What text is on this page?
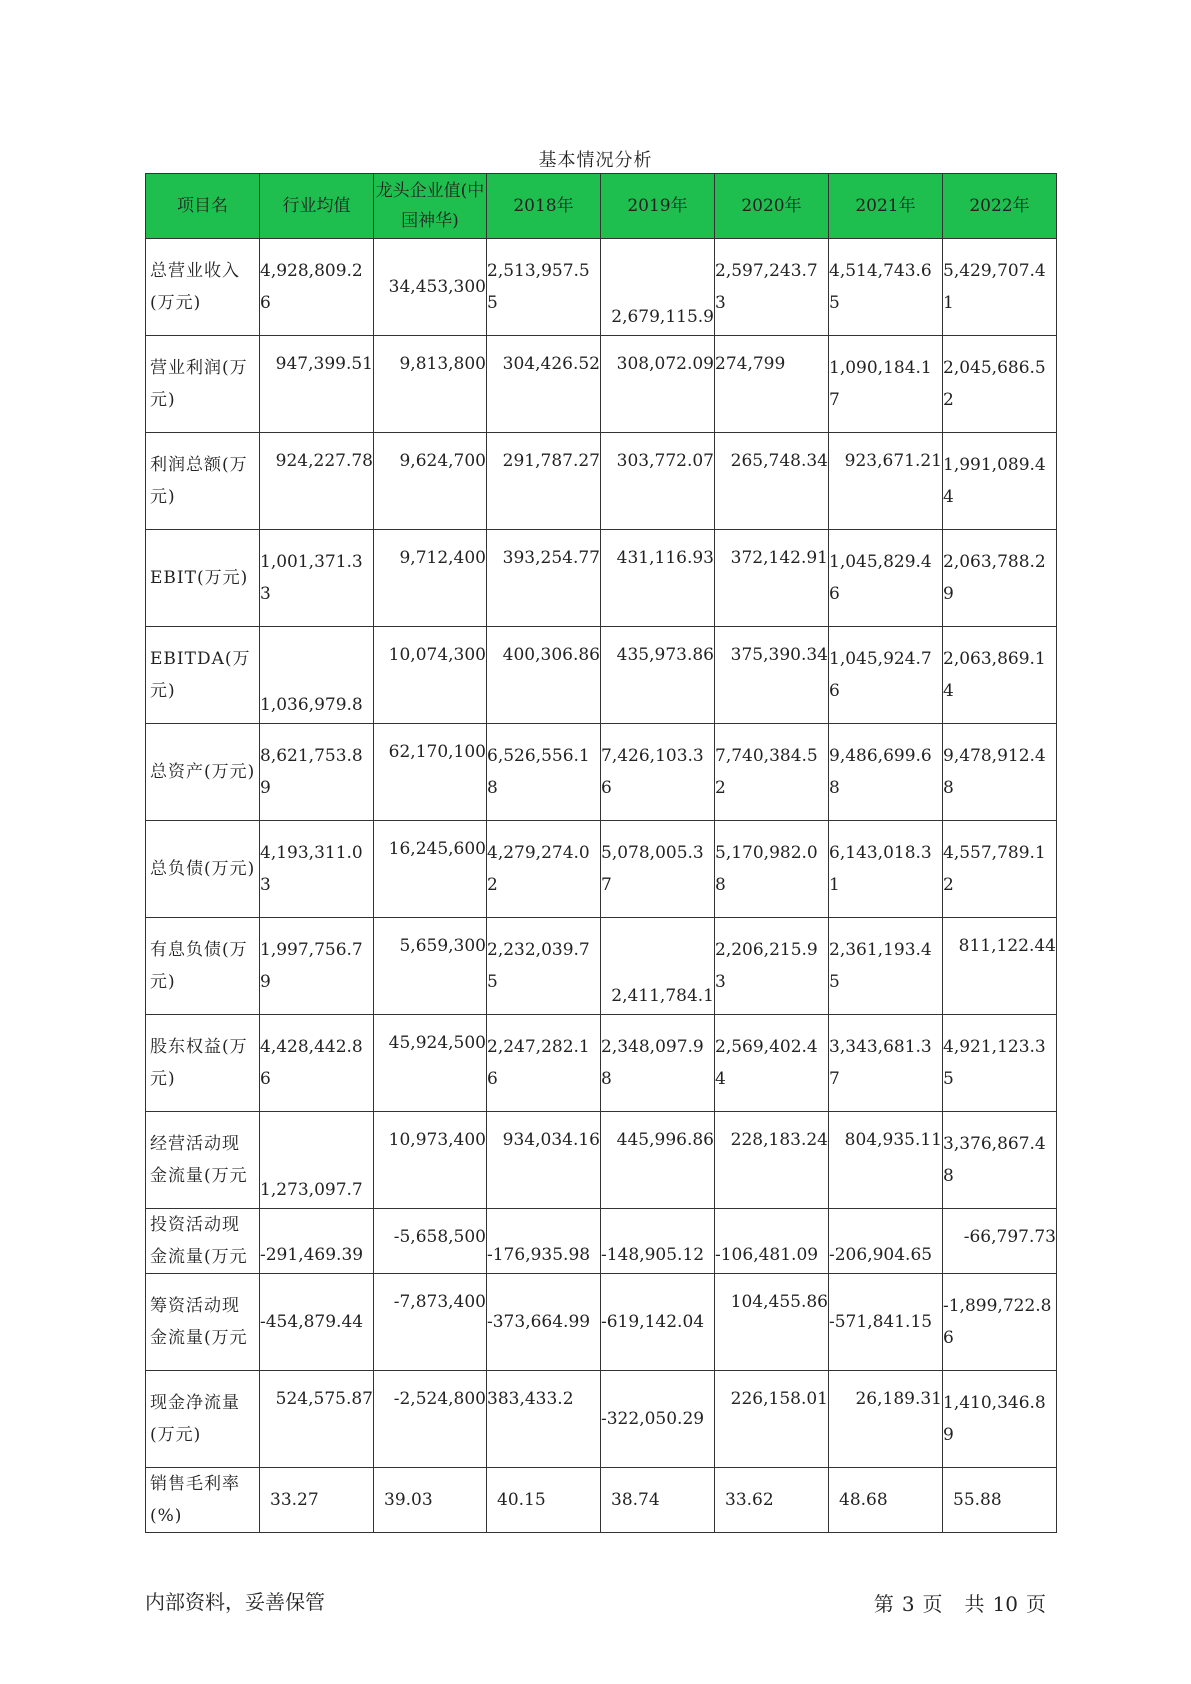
基本情况分析
项目名	行业均值	龙头企业值(中国神华)	2018年	2019年	2020年	2021年	2022年
总营业收入(万元)	4,928,809.26	34,453,300	2,513,957.55	2,679,115.9	2,597,243.73	4,514,743.65	5,429,707.41
营业利润(万元)	947,399.51	9,813,800	304,426.52	308,072.09	274,799	1,090,184.17	2,045,686.52
利润总额(万元)	924,227.78	9,624,700	291,787.27	303,772.07	265,748.34	923,671.21	1,991,089.44
EBIT(万元)	1,001,371.33	9,712,400	393,254.77	431,116.93	372,142.91	1,045,829.46	2,063,788.29
EBITDA(万元)	1,036,979.8	10,074,300	400,306.86	435,973.86	375,390.34	1,045,924.76	2,063,869.14
总资产(万元)	8,621,753.89	62,170,100	6,526,556.18	7,426,103.36	7,740,384.52	9,486,699.68	9,478,912.48
总负债(万元)	4,193,311.03	16,245,600	4,279,274.02	5,078,005.37	5,170,982.08	6,143,018.31	4,557,789.12
有息负债(万元)	1,997,756.79	5,659,300	2,232,039.75	2,411,784.1	2,206,215.93	2,361,193.45	811,122.44
股东权益(万元)	4,428,442.86	45,924,500	2,247,282.16	2,348,097.98	2,569,402.44	3,343,681.37	4,921,123.35
经营活动现金流量(万元	1,273,097.7	10,973,400	934,034.16	445,996.86	228,183.24	804,935.11	3,376,867.48
投资活动现金流量(万元	-291,469.39	-5,658,500	-176,935.98	-148,905.12	-106,481.09	-206,904.65	-66,797.73
筹资活动现金流量(万元	-454,879.44	-7,873,400	-373,664.99	-619,142.04	104,455.86	-571,841.15	-1,899,722.86
现金净流量(万元)	524,575.87	-2,524,800	383,433.2	-322,050.29	226,158.01	26,189.31	1,410,346.89
销售毛利率(%)	33.27	39.03	40.15	38.74	33.62	48.68	55.88
内部资料，妥善保管	第 3 页 共 10 页
